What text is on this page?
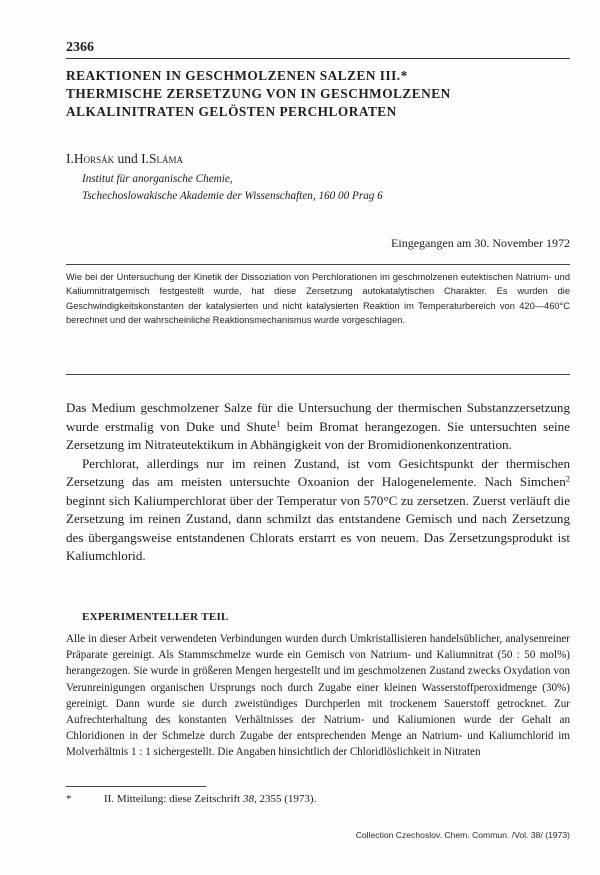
2366
REAKTIONEN IN GESCHMOLZENEN SALZEN III.*
THERMISCHE ZERSETZUNG VON IN GESCHMOLZENEN
ALKALINITRATEN GELÖSTEN PERCHLORATEN
I.Horsák und I.Sláma
Institut für anorganische Chemie,
Tschechoslowakische Akademie der Wissenschaften, 160 00 Prag 6
Eingegangen am 30. November 1972
Wie bei der Untersuchung der Kinetik der Dissoziation von Perchlorationen im geschmolzenen eutektischen Natrium- und Kaliumnitratgemisch festgestellt wurde, hat diese Zersetzung autokatalytischen Charakter. Es wurden die Geschwindigkeitskonstanten der katalysierten und nicht katalysierten Reaktion im Temperaturbereich von 420—460°C berechnet und der wahrscheinliche Reaktionsmechanismus wurde vorgeschlagen.

Das Medium geschmolzener Salze für die Untersuchung der thermischen Substanzzersetzung wurde erstmalig von Duke und Shute$^1$ beim Bromat herangezogen. Sie untersuchten seine Zersetzung im Nitrateutektikum in Abhängigkeit von der Bromidionenkonzentration.

Perchlorat, allerdings nur im reinen Zustand, ist vom Gesichtspunkt der thermischen Zersetzung das am meisten untersuchte Oxoanion der Halogenelemente. Nach Simchen$^2$ beginnt sich Kaliumperchlorat über der Temperatur von 570°C zu zersetzen. Zuerst verläuft die Zersetzung im reinen Zustand, dann schmilzt das entstandene Gemisch und nach Zersetzung des übergangsweise entstandenen Chlorats erstarrt es von neuem. Das Zersetzungsprodukt ist Kaliumchlorid.

EXPERIMENTELLER TEIL
Alle in dieser Arbeit verwendeten Verbindungen wurden durch Umkristallisieren handelsüblicher, analysenreiner Präparate gereinigt. Als Stammschmelze wurde ein Gemisch von Natrium- und Kaliumnitrat (50 : 50 mol%) herangezogen. Sie wurde in größeren Mengen hergestellt und im geschmolzenen Zustand zwecks Oxydation von Verunreinigungen organischen Ursprungs noch durch Zugabe einer kleinen Wasserstoffperoxidmenge (30%) gereinigt. Dann wurde sie durch zweistündiges Durchperlen mit trockenem Sauerstoff getrocknet. Zur Aufrechterhaltung des konstanten Verhältnisses der Natrium- und Kaliumionen wurde der Gehalt an Chloridionen in der Schmelze durch Zugabe der entsprechenden Menge an Natrium- und Kaliumchlorid im Molverhältnis 1 : 1 sichergestellt. Die Angaben hinsichtlich der Chloridlöslichkeit in Nitraten
*	II. Mitteilung: diese Zeitschrift 38, 2355 (1973).
Collection Czechoslov. Chem. Commun. /Vol. 38/ (1973)
